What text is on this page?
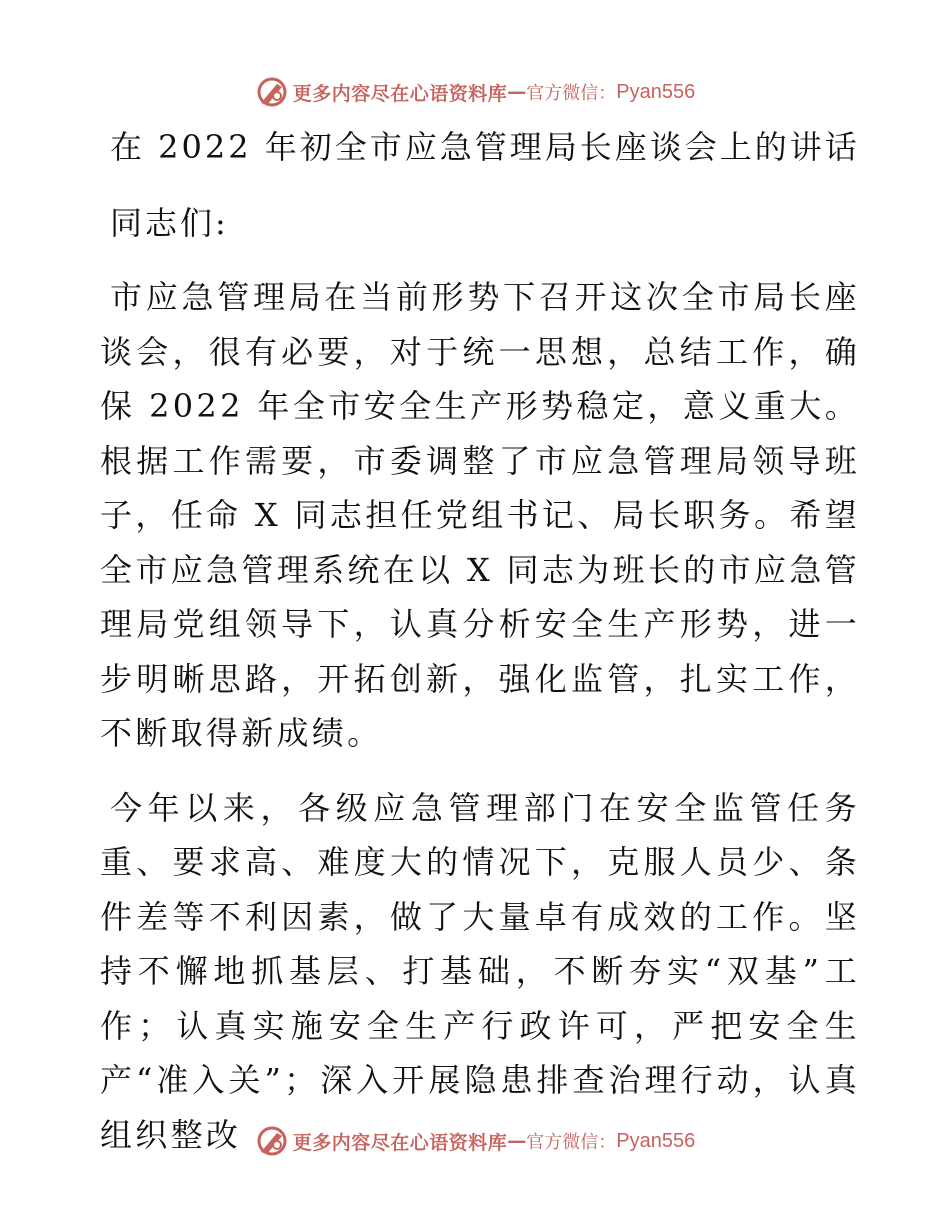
更多内容尽在心语资料库 — 官方微信： Pyan556
在 2022 年初全市应急管理局长座谈会上的讲话
同志们:

市应急管理局在当前形势下召开这次全市局长座谈会，很有必要，对于统一思想，总结工作，确保 2022 年全市安全生产形势稳定，意义重大。根据工作需要，市委调整了市应急管理局领导班子，任命 X 同志担任党组书记、局长职务。希望全市应急管理系统在以 X 同志为班长的市应急管理局党组领导下，认真分析安全生产形势，进一步明晰思路，开拓创新，强化监管，扎实工作，不断取得新成绩。

今年以来，各级应急管理部门在安全监管任务重、要求高、难度大的情况下，克服人员少、条件差等不利因素，做了大量卓有成效的工作。坚持不懈地抓基层、打基础，不断夯实“双基”工作；认真实施安全生产行政许可，严把安全生产“准入关”；深入开展隐患排查治理行动，认真组织整改	更多内容尽在心语资料库 — 官方微信： Pyan556
